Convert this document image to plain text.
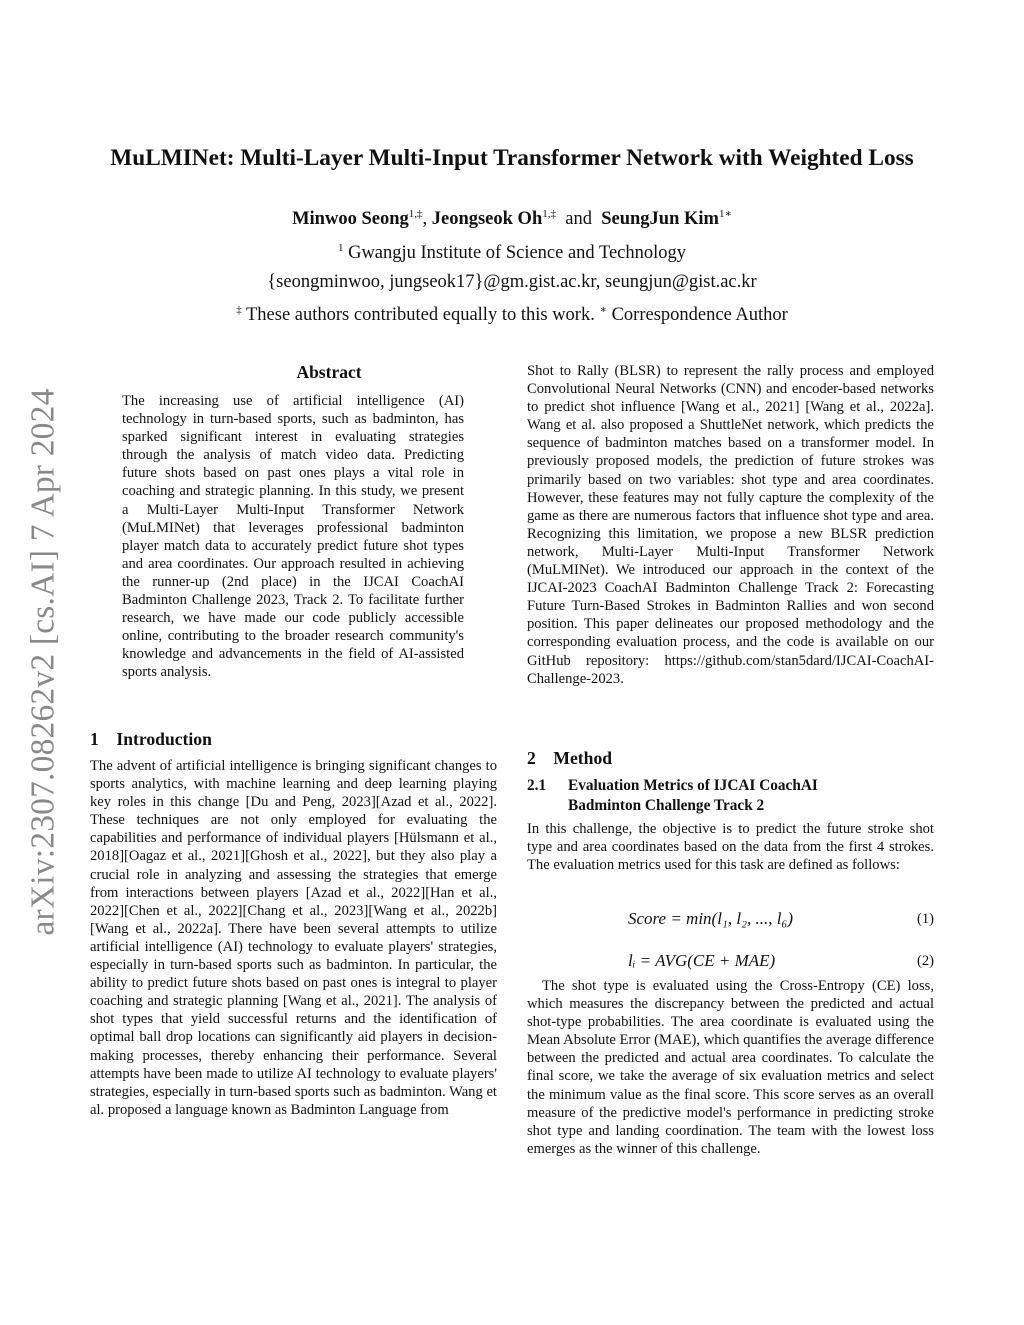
arXiv:2307.08262v2 [cs.AI] 7 Apr 2024
MuLMINet: Multi-Layer Multi-Input Transformer Network with Weighted Loss
Minwoo Seong$^{1,\ddagger}$, Jeongseok $Oh^{1,\ddagger}$ and SeungJun Kim$^{1∗}$
$^1$ Gwangju Institute of Science and Technology
{seongminwoo, jungseok17}@gm.gist.ac.kr, seungjun@gist.ac.kr
‡ These authors contributed equally to this work. ∗ Correspondence Author
Abstract

The increasing use of artificial intelligence (AI) technology in turn-based sports, such as badminton, has sparked significant interest in evaluating strategies through the analysis of match video data. Predicting future shots based on past ones plays a vital role in coaching and strategic planning. In this study, we present a Multi-Layer Multi-Input Transformer Network (MuLMINet) that leverages professional badminton player match data to accurately predict future shot types and area coordinates. Our approach resulted in achieving the runner-up (2nd place) in the IJCAI CoachAI Badminton Challenge 2023, Track 2. To facilitate further research, we have made our code publicly accessible online, contributing to the broader research community's knowledge and advancements in the field of AI-assisted sports analysis.

1 Introduction

The advent of artificial intelligence is bringing significant changes to sports analytics, with machine learning and deep learning playing key roles in this change [Du and Peng, 2023][Azad et al., 2022]. These techniques are not only employed for evaluating the capabilities and performance of individual players [Hülsmann et al., 2018][Oagaz et al., 2021][Ghosh et al., 2022], but they also play a crucial role in analyzing and assessing the strategies that emerge from interactions between players [Azad et al., 2022][Han et al., 2022][Chen et al., 2022][Chang et al., 2023][Wang et al., 2022b][Wang et al., 2022a]. There have been several attempts to utilize artificial intelligence (AI) technology to evaluate players' strategies, especially in turn-based sports such as badminton. In particular, the ability to predict future shots based on past ones is integral to player coaching and strategic planning [Wang et al., 2021]. The analysis of shot types that yield successful returns and the identification of optimal ball drop locations can significantly aid players in decision-making processes, thereby enhancing their performance. Several attempts have been made to utilize AI technology to evaluate players' strategies, especially in turn-based sports such as badminton. Wang et al. proposed a language known as Badminton Language from

Shot to Rally (BLSR) to represent the rally process and employed Convolutional Neural Networks (CNN) and encoder-based networks to predict shot influence [Wang et al., 2021] [Wang et al., 2022a]. Wang et al. also proposed a ShuttleNet network, which predicts the sequence of badminton matches based on a transformer model. In previously proposed models, the prediction of future strokes was primarily based on two variables: shot type and area coordinates. However, these features may not fully capture the complexity of the game as there are numerous factors that influence shot type and area. Recognizing this limitation, we propose a new BLSR prediction network, Multi-Layer Multi-Input Transformer Network (MuLMINet). We introduced our approach in the context of the IJCAI-2023 CoachAI Badminton Challenge Track 2: Forecasting Future Turn-Based Strokes in Badminton Rallies and won second position. This paper delineates our proposed methodology and the corresponding evaluation process, and the code is available on our GitHub repository: https://github.com/stan5dard/IJCAI-CoachAI-Challenge-2023.

2 Method
2.1 Evaluation Metrics of IJCAI CoachAI
Badminton Challenge Track 2

In this challenge, the objective is to predict the future stroke shot type and area coordinates based on the data from the first 4 strokes. The evaluation metrics used for this task are defined as follows:

Score = min(l₁, l₂, ..., l₆)	(1)
lᵢ = AVG(CE + MAE)	(2)

The shot type is evaluated using the Cross-Entropy (CE) loss, which measures the discrepancy between the predicted and actual shot-type probabilities. The area coordinate is evaluated using the Mean Absolute Error (MAE), which quantifies the average difference between the predicted and actual area coordinates. To calculate the final score, we take the average of six evaluation metrics and select the minimum value as the final score. This score serves as an overall measure of the predictive model's performance in predicting stroke shot type and landing coordination. The team with the lowest loss emerges as the winner of this challenge.
